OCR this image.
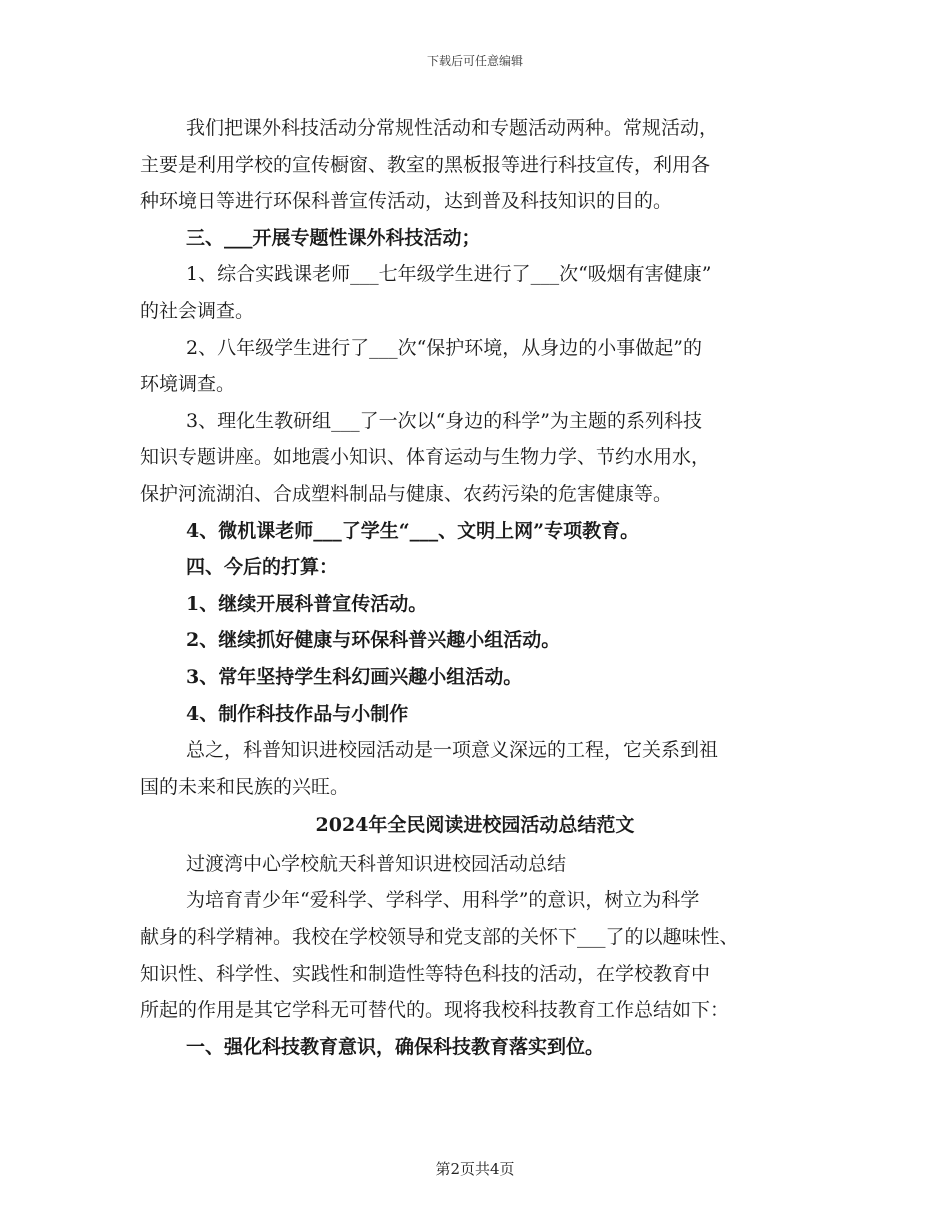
下载后可任意编辑
我们把课外科技活动分常规性活动和专题活动两种。常规活动，
主要是利用学校的宣传橱窗、教室的黑板报等进行科技宣传，利用各
种环境日等进行环保科普宣传活动，达到普及科技知识的目的。
三、___开展专题性课外科技活动；
1、综合实践课老师___七年级学生进行了___次“吸烟有害健康”
的社会调查。
2、八年级学生进行了___次“保护环境，从身边的小事做起”的
环境调查。
3、理化生教研组___了一次以“身边的科学”为主题的系列科技
知识专题讲座。如地震小知识、体育运动与生物力学、节约水用水，
保护河流湖泊、合成塑料制品与健康、农药污染的危害健康等。
4、微机课老师___了学生“___、文明上网”专项教育。
四、今后的打算：
1、继续开展科普宣传活动。
2、继续抓好健康与环保科普兴趣小组活动。
3、常年坚持学生科幻画兴趣小组活动。
4、制作科技作品与小制作
总之，科普知识进校园活动是一项意义深远的工程，它关系到祖
国的未来和民族的兴旺。
2024年全民阅读进校园活动总结范文
过渡湾中心学校航天科普知识进校园活动总结
为培育青少年“爱科学、学科学、用科学”的意识，树立为科学
献身的科学精神。我校在学校领导和党支部的关怀下___了的以趣味性、
知识性、科学性、实践性和制造性等特色科技的活动，在学校教育中
所起的作用是其它学科无可替代的。现将我校科技教育工作总结如下：
一、强化科技教育意识，确保科技教育落实到位。
第2页共4页
